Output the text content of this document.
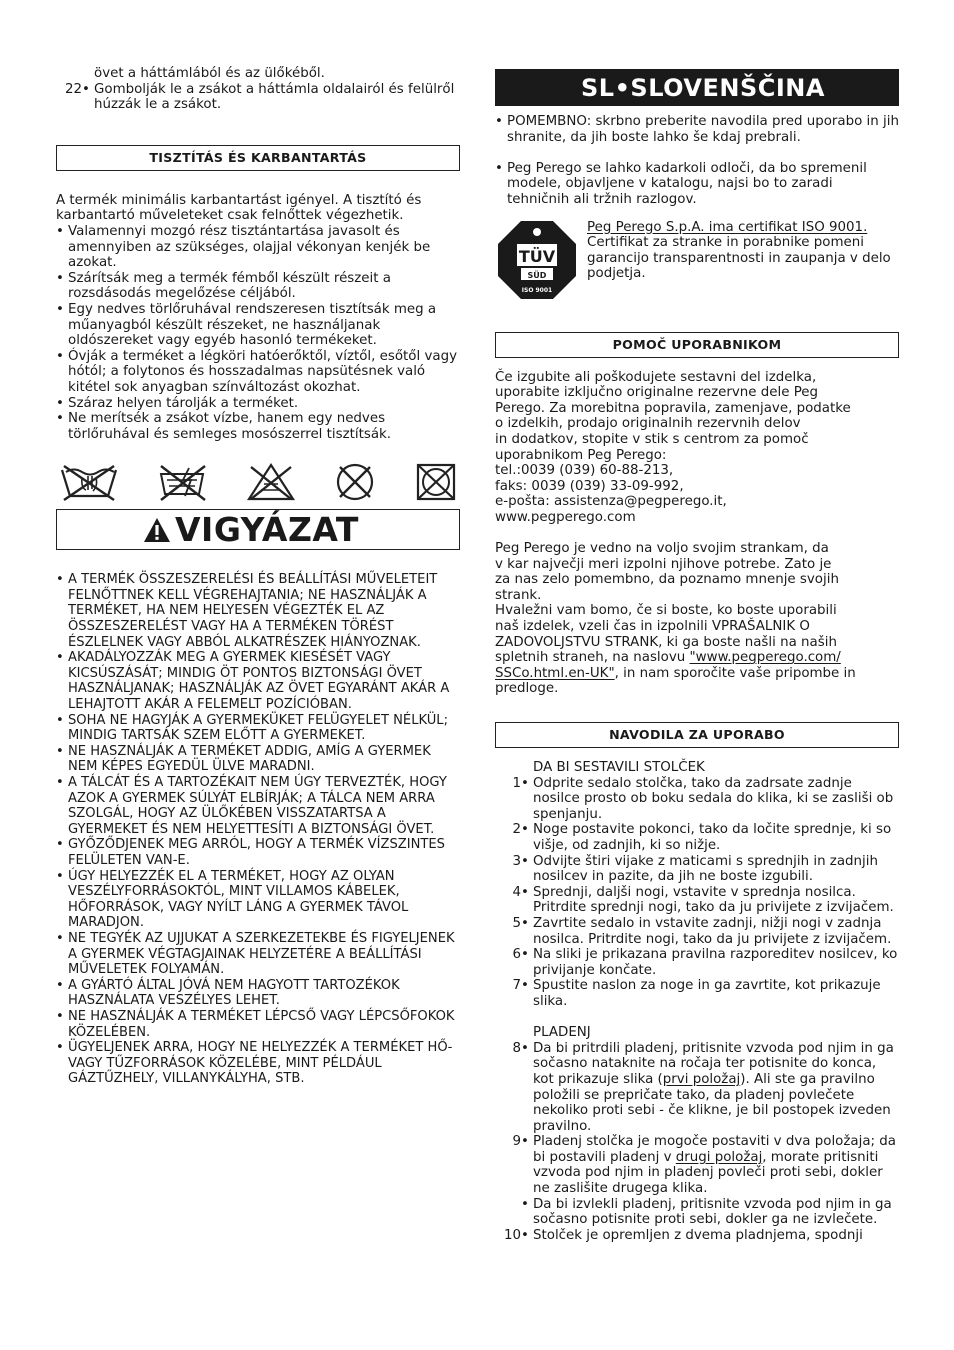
övet a háttámlából és az ülőkéből.
22 • Gombolják le a zsákot a háttámla oldalairól és felülről húzzák le a zsákot.
TISZTÍTÁS ÉS KARBANTARTÁS

A termék minimális karbantartást igényel. A tisztító és karbantartó műveleteket csak felnőttek végezhetik.

• Valamennyi mozgó rész tisztántartása javasolt és amennyiben az szükséges, olajjal vékonyan kenjék be azokat.
• Szárítsák meg a termék fémből készült részeit a rozsdásodás megelőzése céljából.
• Egy nedves törlőruhával rendszeresen tisztítsák meg a műanyagból készült részeket, ne használjanak oldószereket vagy egyéb hasonló termékeket.
• Óvják a terméket a légköri hatóerőktől, víztől, esőtől vagy hótól; a folytonos és hosszadalmas napsütésnek való kitétel sok anyagban színváltozást okozhat.
• Száraz helyen tárolják a terméket.
• Ne merítsék a zsákot vízbe, hanem egy nedves törlőruhával és semleges mosószerrel tisztítsák.
VIGYÁZAT
• A TERMÉK ÖSSZESZERELÉSI ÉS BEÁLLÍTÁSI MŰVELETEIT FELNŐTTNEK KELL VÉGREHAJTANIA; NE HASZNÁLJÁK A TERMÉKET, HA NEM HELYESEN VÉGEZTÉK EL AZ ÖSSZESZERELÉST VAGY HA A TERMÉKEN TÖRÉST ÉSZLELNEK VAGY ABBÓL ALKATRÉSZEK HIÁNYOZNAK.
• AKADÁLYOZZÁK MEG A GYERMEK KIESÉSÉT VAGY KICSÚSZÁSÁT; MINDIG ÖT PONTOS BIZTONSÁGI ÖVET HASZNÁLJANAK; HASZNÁLJÁK AZ ÖVET EGYARÁNT AKÁR A LEHAJTOTT AKÁR A FELEMELT POZÍCIÓBAN.
• SOHA NE HAGYJÁK A GYERMEKÜKET FELÜGYELET NÉLKÜL; MINDIG TARTSÁK SZEM ELŐTT A GYERMEKET.
• NE HASZNÁLJÁK A TERMÉKET ADDIG, AMÍG A GYERMEK NEM KÉPES EGYEDÜL ÜLVE MARADNI.
• A TÁLCÁT ÉS A TARTOZÉKAIT NEM ÚGY TERVEZTÉK, HOGY AZOK A GYERMEK SÚLYÁT ELBÍRJÁK; A TÁLCA NEM ARRA SZOLGÁL, HOGY AZ ÜLŐKÉBEN VISSZATARTSA A GYERMEKET ÉS NEM HELYETTESÍTI A BIZTONSÁGI ÖVET.
• GYŐZŐDJENEK MEG ARRÓL, HOGY A TERMÉK VÍZSZINTES FELÜLETEN VAN-E.
• ÚGY HELYEZZÉK EL A TERMÉKET, HOGY AZ OLYAN VESZÉLYFORRÁSOKTÓL, MINT VILLAMOS KÁBELEK, HŐFORRÁSOK, VAGY NYÍLT LÁNG A GYERMEK TÁVOL MARADJON.
• NE TEGYÉK AZ UJJUKAT A SZERKEZETEKBE ÉS FIGYELJENEK A GYERMEK VÉGTAGJAINAK HELYZETÉRE A BEÁLLÍTÁSI MŰVELETEK FOLYAMÁN.
• A GYÁRTÓ ÁLTAL JÓVÁ NEM HAGYOTT TARTOZÉKOK HASZNÁLATA VESZÉLYES LEHET.
• NE HASZNÁLJÁK A TERMÉKET LÉPCSŐ VAGY LÉPCSŐFOKOK KÖZELÉBEN.
• ÜGYELJENEK ARRA, HOGY NE HELYEZZÉK A TERMÉKET HŐ- VAGY TŰZFORRÁSOK KÖZELÉBE, MINT PÉLDÁUL GÁZTŰZHELY, VILLANYKÁLYHA, STB.
SL•SLOVENŠČINA
• POMEMBNO: skrbno preberite navodila pred uporabo in jih shranite, da jih boste lahko še kdaj prebrali.
• Peg Perego se lahko kadarkoli odloči, da bo spremenil modele, objavljene v katalogu, najsi bo to zaradi tehničnih ali tržnih razlogov.
TÜV
SÜD
ISO 9001

Peg Perego S.p.A. ima certifikat ISO 9001.

Certifikat za stranke in porabnike pomeni garancijo transparentnosti in zaupanja v delo podjetja.

POMOČ UPORABNIKOM

Če izgubite ali poškodujete sestavni del izdelka,

uporabite izključno originalne rezervne dele Peg

Perego. Za morebitna popravila, zamenjave, podatke

o izdelkih, prodajo originalnih rezervnih delov

in dodatkov, stopite v stik s centrom za pomoč

uporabnikom Peg Perego:

tel.:0039 (039) 60-88-213,

faks: 0039 (039) 33-09-992,

e-pošta: assistenza@pegperego.it,

www.pegperego.com

Peg Perego je vedno na voljo svojim strankam, da

v kar največji meri izpolni njihove potrebe. Zato je

za nas zelo pomembno, da poznamo mnenje svojih

strank.

Hvaležni vam bomo, če si boste, ko boste uporabili

naš izdelek, vzeli čas in izpolnili VPRAŠALNIK O

ZADOVOLJSTVU STRANK, ki ga boste našli na naših

spletnih straneh, na naslovu "www.pegperego.com/

SSCo.html.en-UK", in nam sporočite vaše pripombe in

predloge.

NAVODILA ZA UPORABO
DA BI SESTAVILI STOLČEK
1 • Odprite sedalo stolčka, tako da zadrsate zadnje nosilce prosto ob boku sedala do klika, ki se zasliši ob spenjanju.
2 • Noge postavite pokonci, tako da ločite sprednje, ki so višje, od zadnjih, ki so nižje.
3 • Odvijte štiri vijake z maticami s sprednjih in zadnjih nosilcev in pazite, da jih ne boste izgubili.
4 • Sprednji, daljši nogi, vstavite v sprednja nosilca. Pritrdite sprednji nogi, tako da ju privijete z izvijačem.
5 • Zavrtite sedalo in vstavite zadnji, nižji nogi v zadnja nosilca. Pritrdite nogi, tako da ju privijete z izvijačem.
6 • Na sliki je prikazana pravilna razporeditev nosilcev, ko privijanje končate.
7 • Spustite naslon za noge in ga zavrtite, kot prikazuje slika.
PLADENJ
8 • Da bi pritrdili pladenj, pritisnite vzvoda pod njim in ga sočasno nataknite na ročaja ter potisnite do konca, kot prikazuje slika (prvi položaj). Ali ste ga pravilno položili se prepričate tako, da pladenj povlečete nekoliko proti sebi - če klikne, je bil postopek izveden pravilno.
9 • Pladenj stolčka je mogoče postaviti v dva položaja; da bi postavili pladenj v drugi položaj, morate pritisniti vzvoda pod njim in pladenj povleči proti sebi, dokler ne zaslišite drugega klika.
• Da bi izvlekli pladenj, pritisnite vzvoda pod njim in ga sočasno potisnite proti sebi, dokler ga ne izvlečete.
10 • Stolček je opremljen z dvema pladnjema, spodnji
